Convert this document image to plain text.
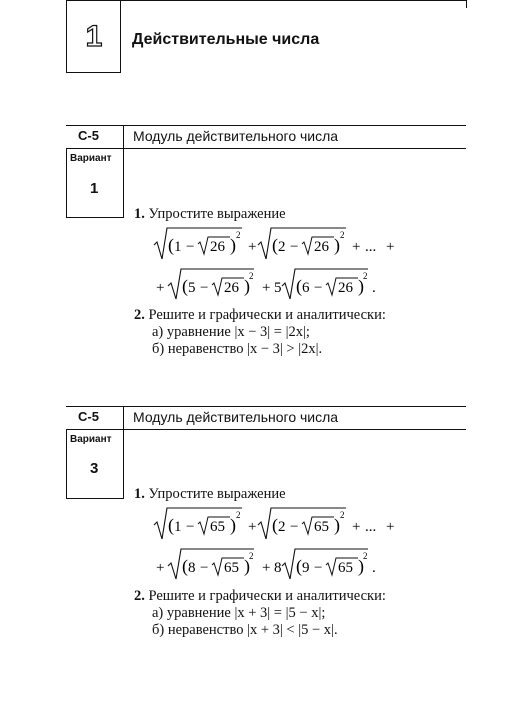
1	Действительные числа
С-5 Модуль действительного числа
Вариант
1
1. Упростите выражение
( 1 − 26 ) 2
+ ( 2 − 26 ) 2
+ ... +
+ ( 5 − 26 ) 2
+ 5 ( 6 − 26 ) 2
.
2. Решите и графически и аналитически:
а) уравнение |x − 3| = |2x|;
б) неравенство |x − 3| > |2x|.
С-5 Модуль действительного числа
Вариант
3
1. Упростите выражение
( 1 − 65 ) 2
+ ( 2 − 65 ) 2
+ ... +
+ ( 8 − 65 ) 2
+ 8 ( 9 − 65 ) 2
.
2. Решите и графически и аналитически:
а) уравнение |x + 3| = |5 − x|;
б) неравенство |x + 3| < |5 − x|.
